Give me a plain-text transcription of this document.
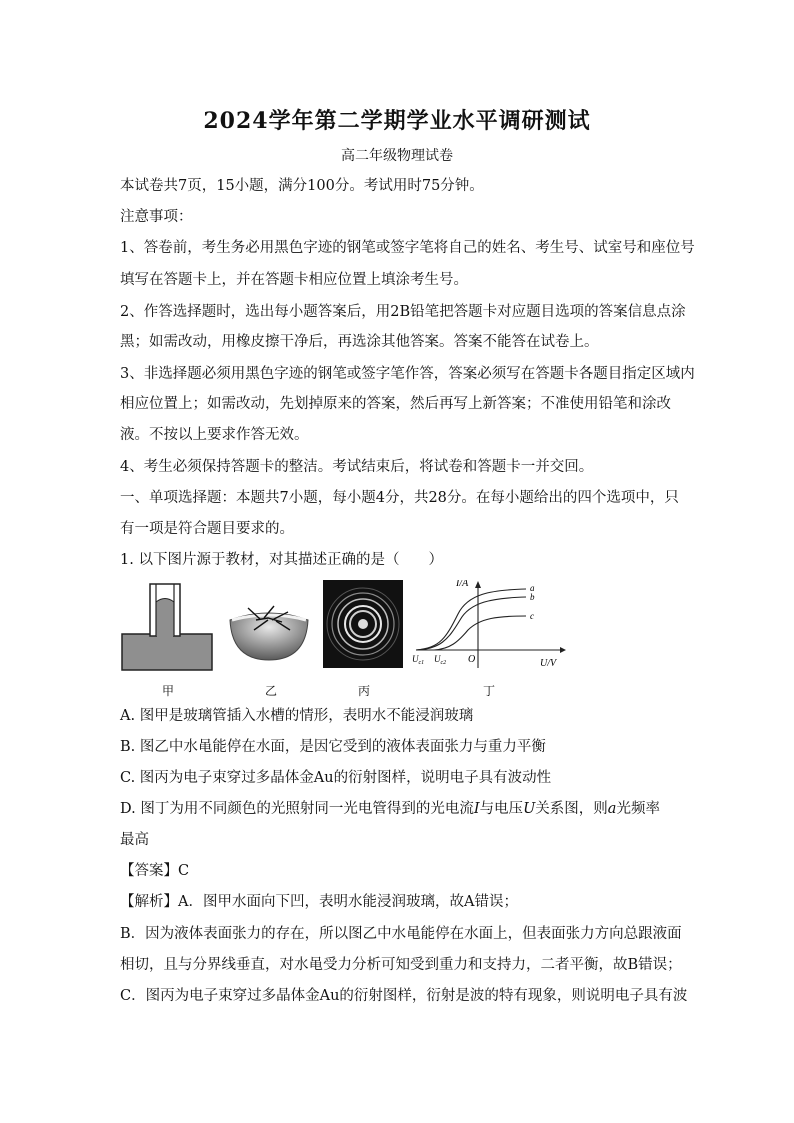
2024学年第二学期学业水平调研测试
高二年级物理试卷
本试卷共7页，15小题，满分100分。考试用时75分钟。
注意事项：
1、答卷前，考生务必用黑色字迹的钢笔或签字笔将自己的姓名、考生号、试室号和座位号
填写在答题卡上，并在答题卡相应位置上填涂考生号。
2、作答选择题时，选出每小题答案后，用2B铅笔把答题卡对应题目选项的答案信息点涂
黑；如需改动，用橡皮擦干净后，再选涂其他答案。答案不能答在试卷上。
3、非选择题必须用黑色字迹的钢笔或签字笔作答，答案必须写在答题卡各题目指定区域内
相应位置上；如需改动，先划掉原来的答案，然后再写上新答案；不准使用铅笔和涂改
液。不按以上要求作答无效。
4、考生必须保持答题卡的整洁。考试结束后，将试卷和答题卡一并交回。
一、单项选择题：本题共7小题，每小题4分，共28分。在每小题给出的四个选项中，只
有一项是符合题目要求的。
1. 以下图片源于教材，对其描述正确的是（　　）
I/A
U/V
O
a
b
c
$U_{c1}$ $U_{c2}$
甲	乙	丙	丁
A. 图甲是玻璃管插入水槽的情形，表明水不能浸润玻璃
B. 图乙中水黾能停在水面，是因它受到的液体表面张力与重力平衡
C. 图丙为电子束穿过多晶体金Au的衍射图样，说明电子具有波动性
D. 图丁为用不同颜色的光照射同一光电管得到的光电流I与电压U关系图，则a光频率
最高
【答案】C
【解析】A．图甲水面向下凹，表明水能浸润玻璃，故A错误；
B．因为液体表面张力的存在，所以图乙中水黾能停在水面上，但表面张力方向总跟液面
相切，且与分界线垂直，对水黾受力分析可知受到重力和支持力，二者平衡，故B错误；
C．图丙为电子束穿过多晶体金Au的衍射图样，衍射是波的特有现象，则说明电子具有波
